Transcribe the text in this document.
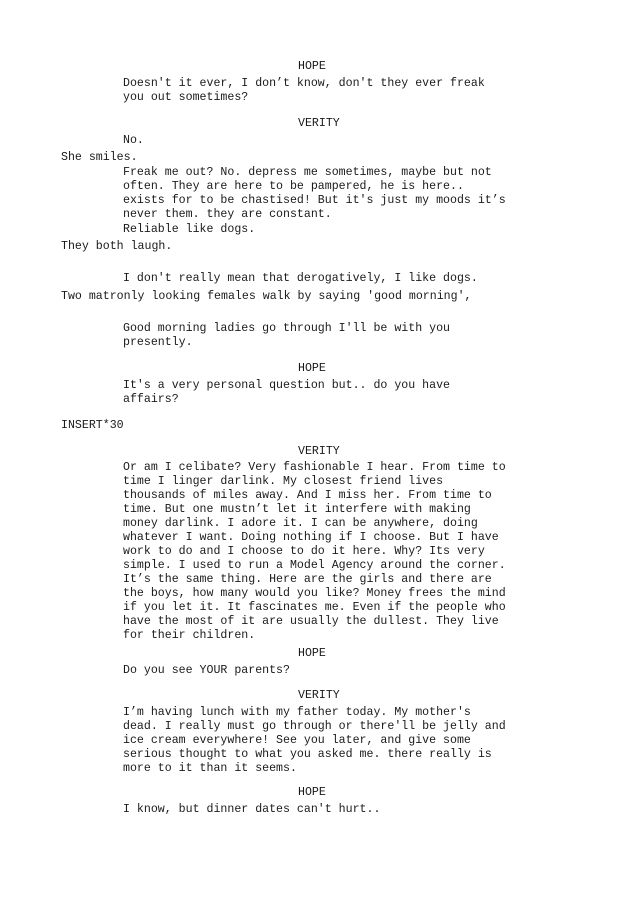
HOPE
Doesn't it ever, I don’t know, don't they ever freak
you out sometimes?
VERITY
No.
She smiles.
Freak me out? No. depress me sometimes, maybe but not
often. They are here to be pampered, he is here..
exists for to be chastised! But it's just my moods it’s
never them. they are constant.
Reliable like dogs.
They both laugh.
I don't really mean that derogatively, I like dogs.
Two matronly looking females walk by saying 'good morning',
Good morning ladies go through I'll be with you
presently.
HOPE
It's a very personal question but.. do you have
affairs?
INSERT*30
VERITY
Or am I celibate? Very fashionable I hear. From time to
time I linger darlink. My closest friend lives
thousands of miles away. And I miss her. From time to
time. But one mustn’t let it interfere with making
money darlink. I adore it. I can be anywhere, doing
whatever I want. Doing nothing if I choose. But I have
work to do and I choose to do it here. Why? Its very
simple. I used to run a Model Agency around the corner.
It’s the same thing. Here are the girls and there are
the boys, how many would you like? Money frees the mind
if you let it. It fascinates me. Even if the people who
have the most of it are usually the dullest. They live
for their children.
HOPE
Do you see YOUR parents?
VERITY
I’m having lunch with my father today. My mother's
dead. I really must go through or there'll be jelly and
ice cream everywhere! See you later, and give some
serious thought to what you asked me. there really is
more to it than it seems.
HOPE
I know, but dinner dates can't hurt..
